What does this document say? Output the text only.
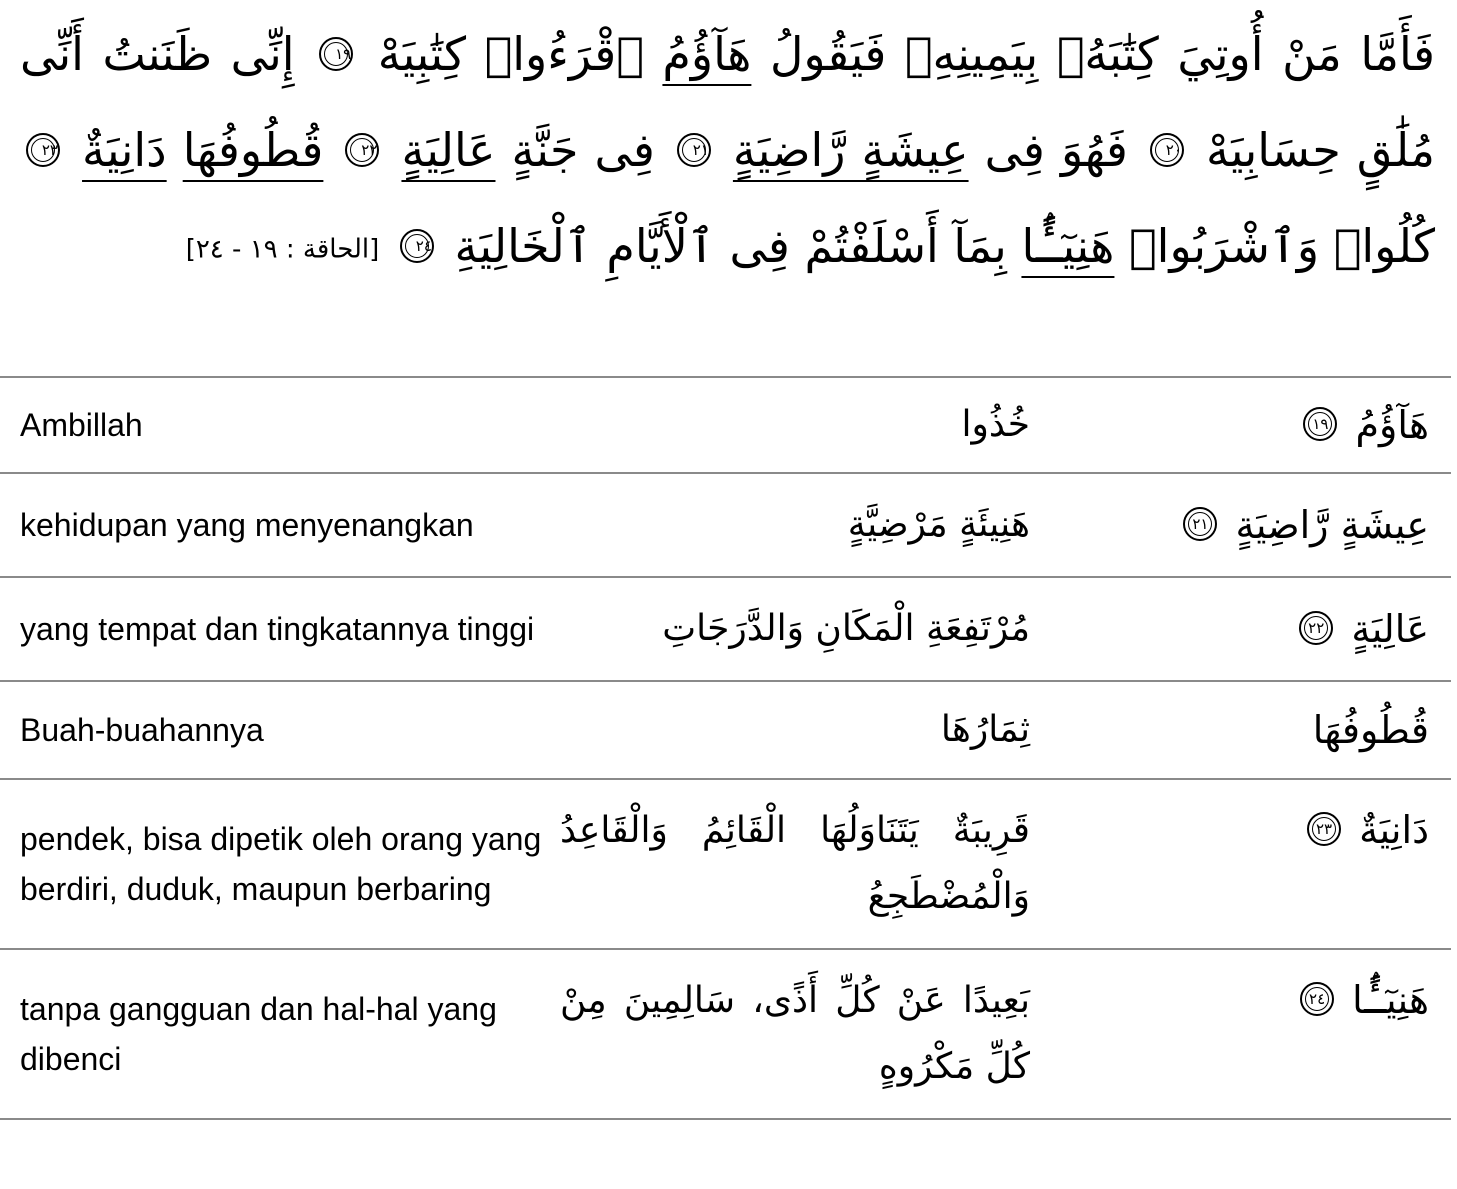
فَأَمَّا مَنْ أُوتِيَ كِتَٰبَهُۥ بِيَمِينِهِۦ فَيَقُولُ هَآؤُمُ ٱقْرَءُوا۟ كِتَٰبِيَهْ ١٩ إِنِّى ظَنَنتُ أَنِّى مُلَٰقٍ حِسَابِيَهْ ٢٠ فَهُوَ فِى عِيشَةٍ رَّاضِيَةٍ ٢١ فِى جَنَّةٍ عَالِيَةٍ ٢٢ قُطُوفُهَا دَانِيَةٌ ٢٣ كُلُوا۟ وَٱشْرَبُوا۟ هَنِيٓـًٔۢا بِمَآ أَسْلَفْتُمْ فِى ٱلْأَيَّامِ ٱلْخَالِيَةِ ٢٤ [الحاقة : ١٩ - ٢٤]
Ambillah	خُذُوا	هَآؤُمُ ١٩
kehidupan yang menyenangkan	هَنِيئَةٍ مَرْضِيَّةٍ	عِيشَةٍ رَّاضِيَةٍ ٢١
yang tempat dan tingkatannya tinggi	مُرْتَفِعَةِ الْمَكَانِ وَالدَّرَجَاتِ	عَالِيَةٍ ٢٢
Buah-buahannya	ثِمَارُهَا	قُطُوفُهَا
pendek, bisa dipetik oleh orang yang berdiri, duduk, maupun berbaring	قَرِيبَةٌ يَتَنَاوَلُهَا الْقَائِمُ وَالْقَاعِدُ وَالْمُضْطَجِعُ	دَانِيَةٌ ٢٣
tanpa gangguan dan hal-hal yang dibenci	بَعِيدًا عَنْ كُلِّ أَذًى، سَالِمِينَ مِنْ كُلِّ مَكْرُوهٍ	هَنِيٓـًٔۢا ٢٤
